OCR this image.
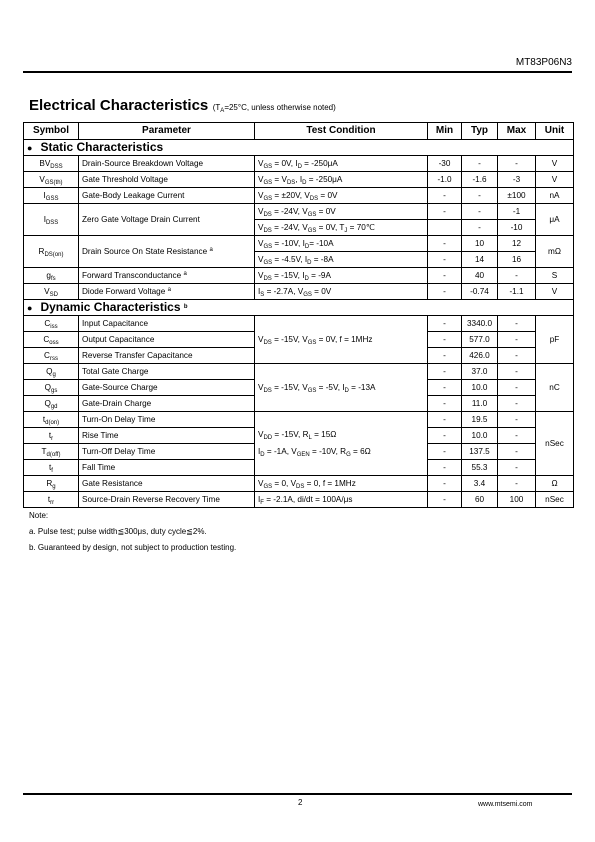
MT83P06N3
Electrical Characteristics ($T_A=25^\circ C$, unless otherwise noted)
Symbol	Parameter	Test Condition	Min	Typ	Max	Unit
● Static Characteristics						
$BV_{DSS}$	Drain-Source Breakdown Voltage	$V_{GS} = 0V$, $I_D = -250\mu A$	-30	-	-	V
$V_{GS(th)}$	Gate Threshold Voltage	$V_{GS} = V_{DS}$, $I_D = -250\mu A$	-1.0	-1.6	-3	V
$I_{GSS}$	Gate-Body Leakage Current	$V_{GS} = \pm 20V$, $V_{DS} = 0V$	-	-	±100	nA
$I_{DSS}$	Zero Gate Voltage Drain Current	$V_{DS} = -24V$, $V_{GS} = 0V$	-	-	-1	μA
		$V_{DS} = -24V$, $V_{GS} = 0V$, $T_J$ = 70℃		-	-10	
$R_{DS(on)}$	Drain Source On State Resistance $^a$	$V_{GS} = -10V$, $I_D= -10A$	-	10	12	mΩ
		$V_{GS} = -4.5V$, $I_D = -8A$	-	14	16	
$g_{fs}$	Forward Transconductance $^a$	$V_{DS} = -15V$, $I_D = -9A$	-	40	-	S
$V_{SD}$	Diode Forward Voltage $^a$	$I_S = -2.7A$, $V_{GS} = 0V$	-	-0.74	-1.1	V
● Dynamic Characteristics $^b$
$C_{iss}$	Input Capacitance	$V_{DS} = -15V$, $V_{GS} = 0V$, f = 1MHz	-	3340.0	-	pF
$C_{oss}$	Output Capacitance		-	577.0	-	
$C_{rss}$	Reverse Transfer Capacitance		-	426.0	-	
$Q_g$	Total Gate Charge	$V_{DS} = -15V$, $V_{GS} = -5V$, $I_D = -13A$	-	37.0	-	nC
$Q_{gs}$	Gate-Source Charge		-	10.0	-	
$Q_{gd}$	Gate-Drain Charge		-	11.0	-	
$t_{d(on)}$	Turn-On Delay Time	$V_{DD} = -15V$, $R_L = 15\Omega$
$I_D = -1A$, $V_{GEN} = -10V$, $R_G = 6\Omega$	-	19.5	-	nSec
$t_r$	Rise Time		-	10.0	-	
$T_{d(off)}$	Turn-Off Delay Time		-	137.5	-	
$t_f$	Fall Time		-	55.3	-	
$R_g$	Gate Resistance	$V_{GS} = 0$, $V_{DS} = 0$, f = 1MHz	-	3.4	-	Ω
$t_{rr}$	Source-Drain Reverse Recovery Time	$I_F = -2.1A$, di/dt = 100A/μs	-	60	100	nSec
Note:
a. Pulse test; pulse width≦300μs, duty cycle≦2%.
b. Guaranteed by design, not subject to production testing.
2	www.mtsemi.com
